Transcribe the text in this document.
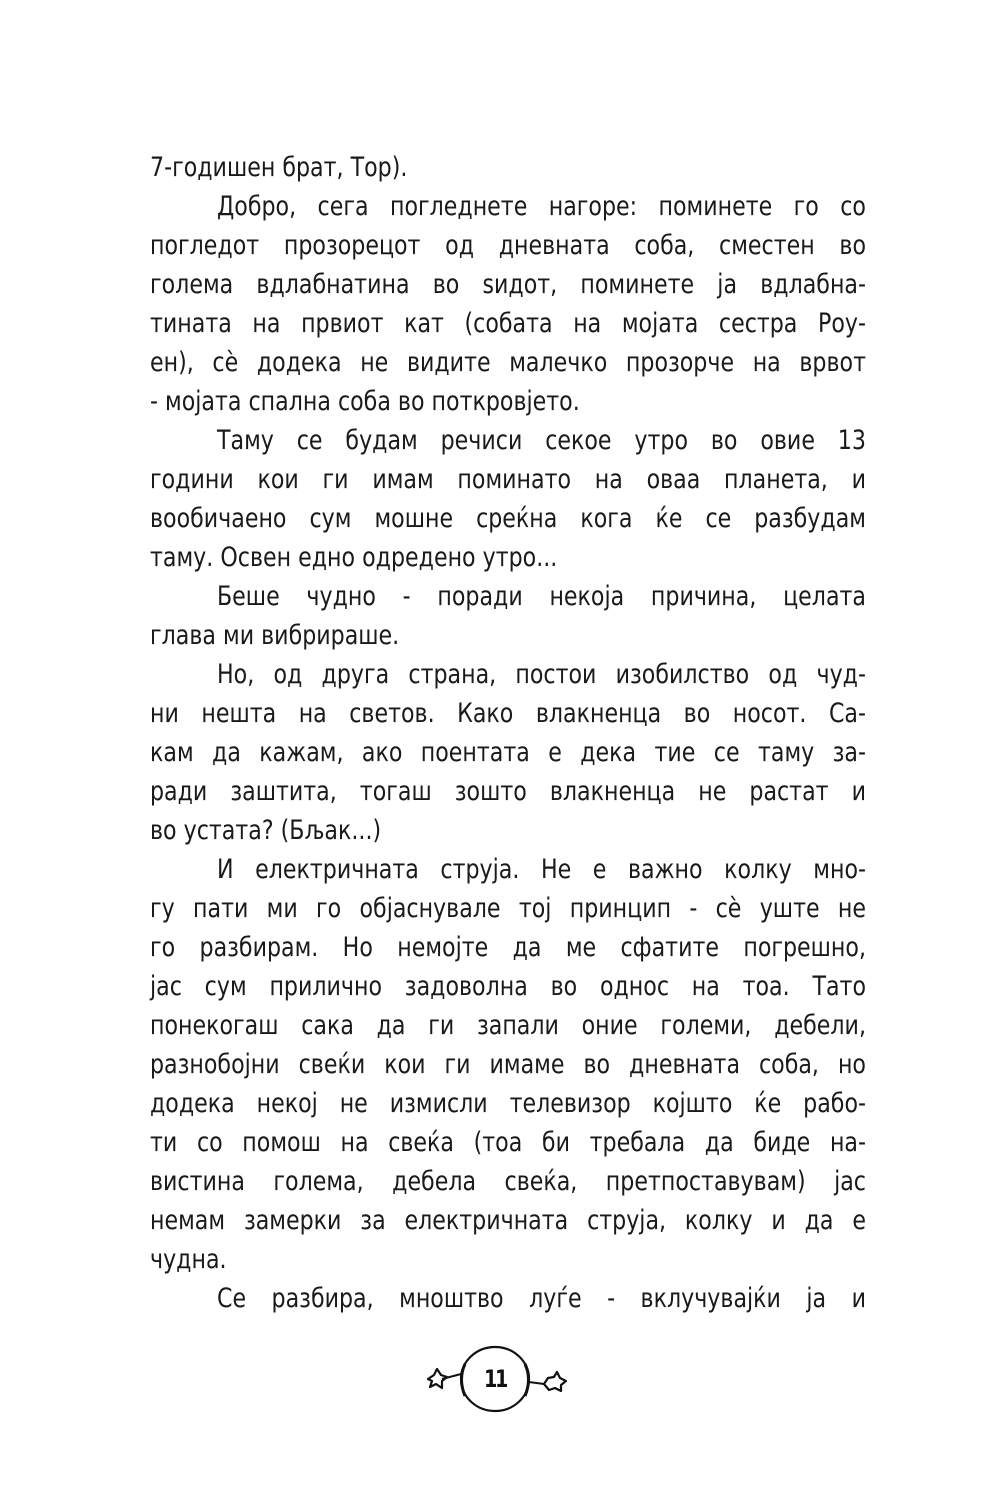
7-годишен брат, Тор).
Добро, сега погледнете нагоре: поминете го со
погледот прозорецот од дневната соба, сместен во
голема вдлабнатина во ѕидот, поминете ја вдлабна-
тината на првиот кат (собата на мојата сестра Роу-
ен), сѐ додека не видите малечко прозорче на врвот
- мојата спална соба во поткровјето.
Таму се будам речиси секое утро во овие 13
години кои ги имам поминато на оваа планета, и
вообичаено сум мошне среќна кога ќе се разбудам
таму. Освен едно одредено утро...
Беше чудно - поради некоја причина, целата
глава ми вибрираше.
Но, од друга страна, постои изобилство од чуд-
ни нешта на светов. Како влакненца во носот. Са-
кам да кажам, ако поентата е дека тие се таму за-
ради заштита, тогаш зошто влакненца не растат и
во устата? (Бљак...)
И електричната струја. Не е важно колку мно-
гу пати ми го објаснувале тој принцип - сѐ уште не
го разбирам. Но немојте да ме сфатите погрешно,
јас сум прилично задоволна во однос на тоа. Тато
понекогаш сака да ги запали оние големи, дебели,
разнобојни свеќи кои ги имаме во дневната соба, но
додека некој не измисли телевизор којшто ќе рабо-
ти со помош на свеќа (тоа би требала да биде на-
вистина голема, дебела свеќа, претпоставувам) јас
немам замерки за електричната струја, колку и да е
чудна.
Се разбира, мноштво луѓе - вклучувајќи ја и
11
